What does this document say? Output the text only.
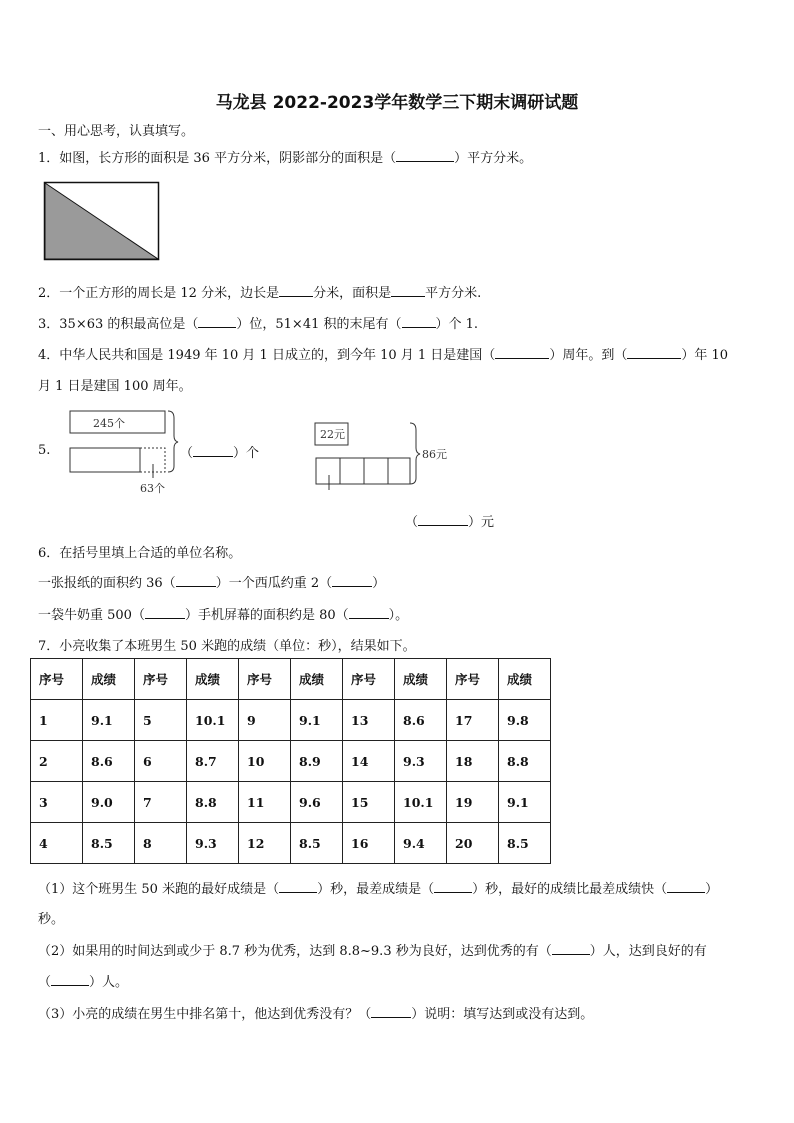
马龙县 2022-2023学年数学三下期末调研试题
一、用心思考，认真填写。
1．如图，长方形的面积是 36 平方分米，阴影部分的面积是（	）平方分米。
2．一个正方形的周长是 12 分米，边长是	分米，面积是	平方分米.
3．35×63 的积最高位是（	）位，51×41 积的末尾有（	）个 1.
4．中华人民共和国是 1949 年 10 月 1 日成立的，到今年 10 月 1 日是建国（	）周年。到（	）年 10
月 1 日是建国 100 周年。
5.
245个
63个
（	）个
22元
86元
（	）元
6．在括号里填上合适的单位名称。
一张报纸的面积约 36（	）一个西瓜约重 2（	）
一袋牛奶重 500（	）手机屏幕的面积约是 80（	）。
7．小亮收集了本班男生 50 米跑的成绩（单位：秒），结果如下。
序号	成绩	序号	成绩	序号	成绩	序号	成绩	序号	成绩
1	9.1	5	10.1	9	9.1	13	8.6	17	9.8
2	8.6	6	8.7	10	8.9	14	9.3	18	8.8
3	9.0	7	8.8	11	9.6	15	10.1	19	9.1
4	8.5	8	9.3	12	8.5	16	9.4	20	8.5
（1）这个班男生 50 米跑的最好成绩是（	）秒，最差成绩是（	）秒，最好的成绩比最差成绩快（	）
秒。
（2）如果用的时间达到或少于 8.7 秒为优秀，达到 8.8~9.3 秒为良好，达到优秀的有（	）人，达到良好的有
（	）人。
（3）小亮的成绩在男生中排名第十，他达到优秀没有？（	）说明：填写达到或没有达到。
